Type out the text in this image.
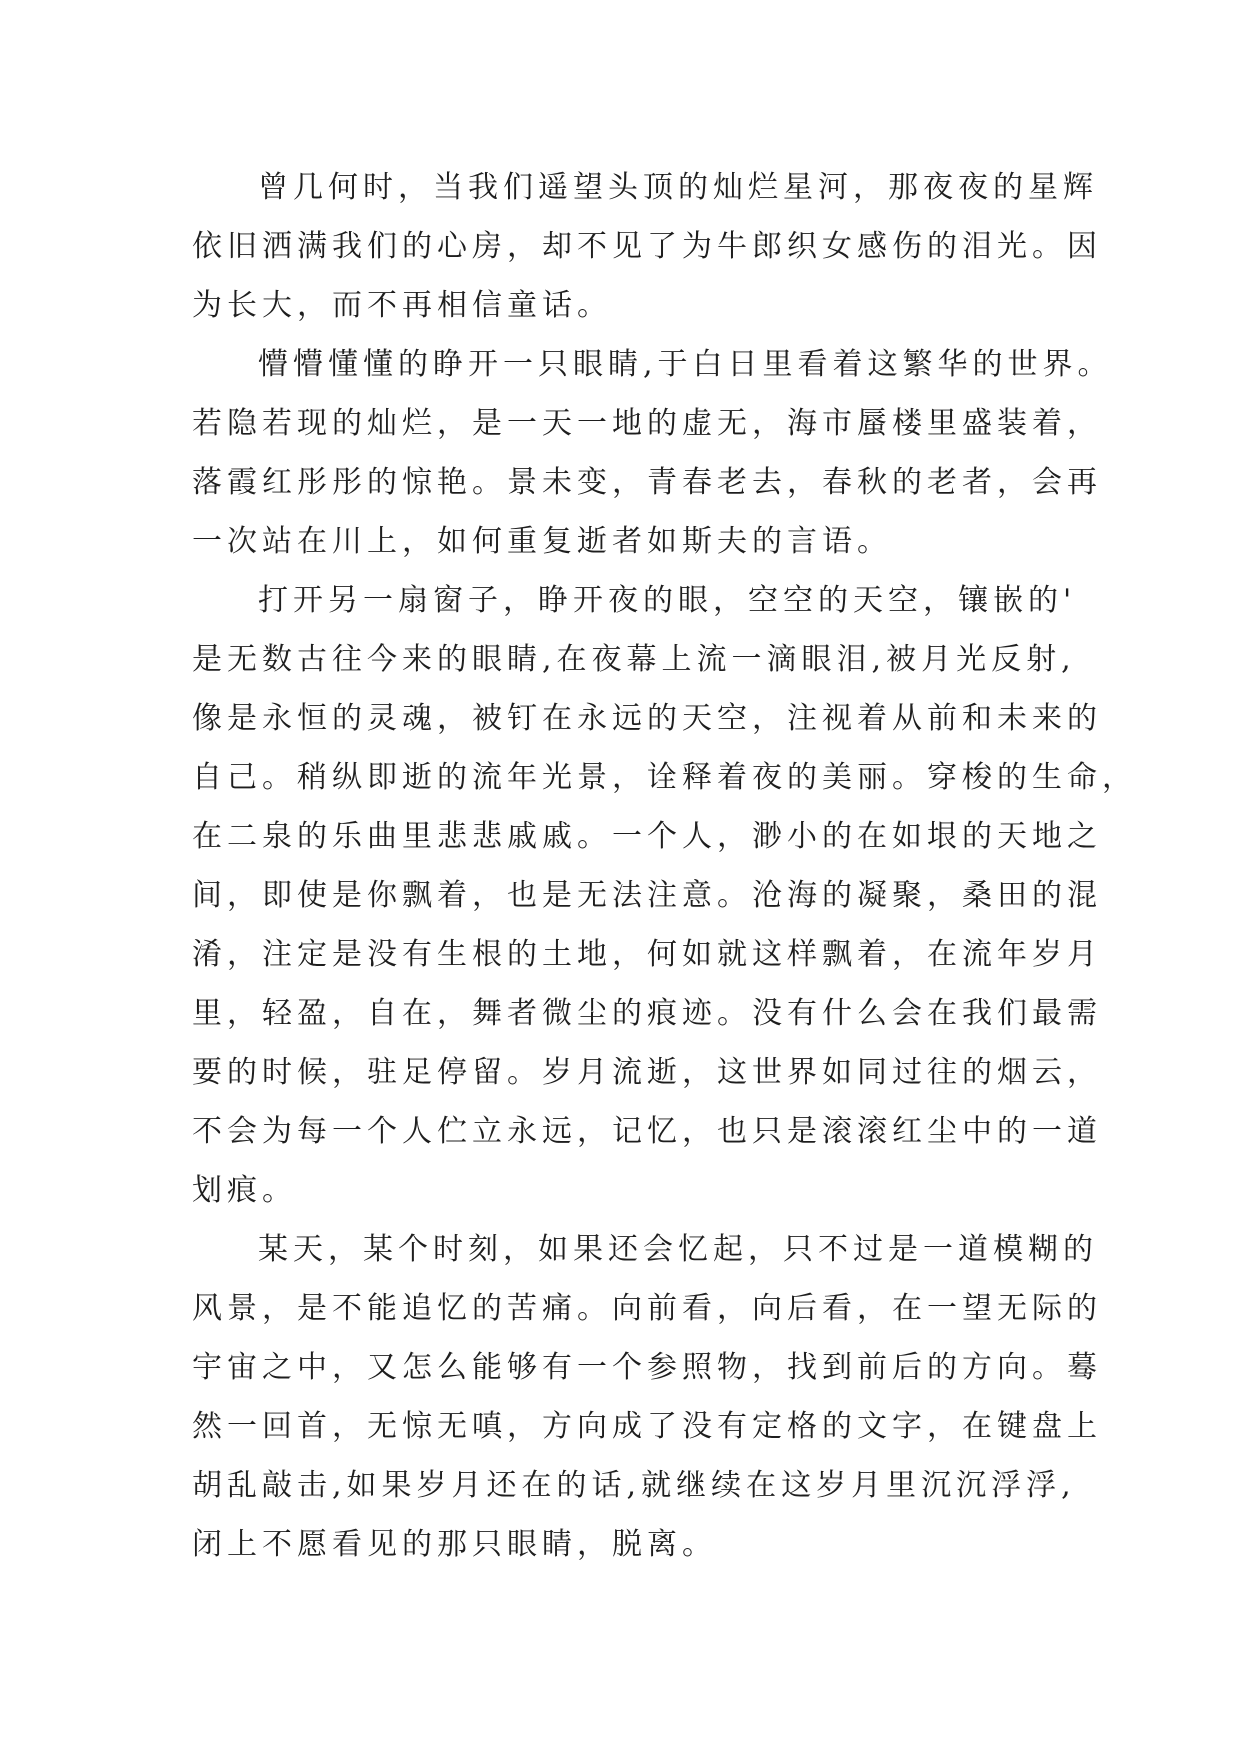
曾几何时，当我们遥望头顶的灿烂星河，那夜夜的星辉
依旧洒满我们的心房，却不见了为牛郎织女感伤的泪光。因
为长大，而不再相信童话。
懵懵懂懂的睁开一只眼睛,于白日里看着这繁华的世界。
若隐若现的灿烂，是一天一地的虚无，海市蜃楼里盛装着，
落霞红彤彤的惊艳。景未变，青春老去，春秋的老者，会再
一次站在川上，如何重复逝者如斯夫的言语。
打开另一扇窗子，睁开夜的眼，空空的天空，镶嵌的'
是无数古往今来的眼睛,在夜幕上流一滴眼泪,被月光反射,
像是永恒的灵魂，被钉在永远的天空，注视着从前和未来的
自己。稍纵即逝的流年光景，诠释着夜的美丽。穿梭的生命，
在二泉的乐曲里悲悲戚戚。一个人，渺小的在如垠的天地之
间，即使是你飘着，也是无法注意。沧海的凝聚，桑田的混
淆，注定是没有生根的土地，何如就这样飘着，在流年岁月
里，轻盈，自在，舞者微尘的痕迹。没有什么会在我们最需
要的时候，驻足停留。岁月流逝，这世界如同过往的烟云，
不会为每一个人伫立永远，记忆，也只是滚滚红尘中的一道
划痕。
某天，某个时刻，如果还会忆起，只不过是一道模糊的
风景，是不能追忆的苦痛。向前看，向后看，在一望无际的
宇宙之中，又怎么能够有一个参照物，找到前后的方向。蓦
然一回首，无惊无嗔，方向成了没有定格的文字，在键盘上
胡乱敲击,如果岁月还在的话,就继续在这岁月里沉沉浮浮,
闭上不愿看见的那只眼睛，脱离。
